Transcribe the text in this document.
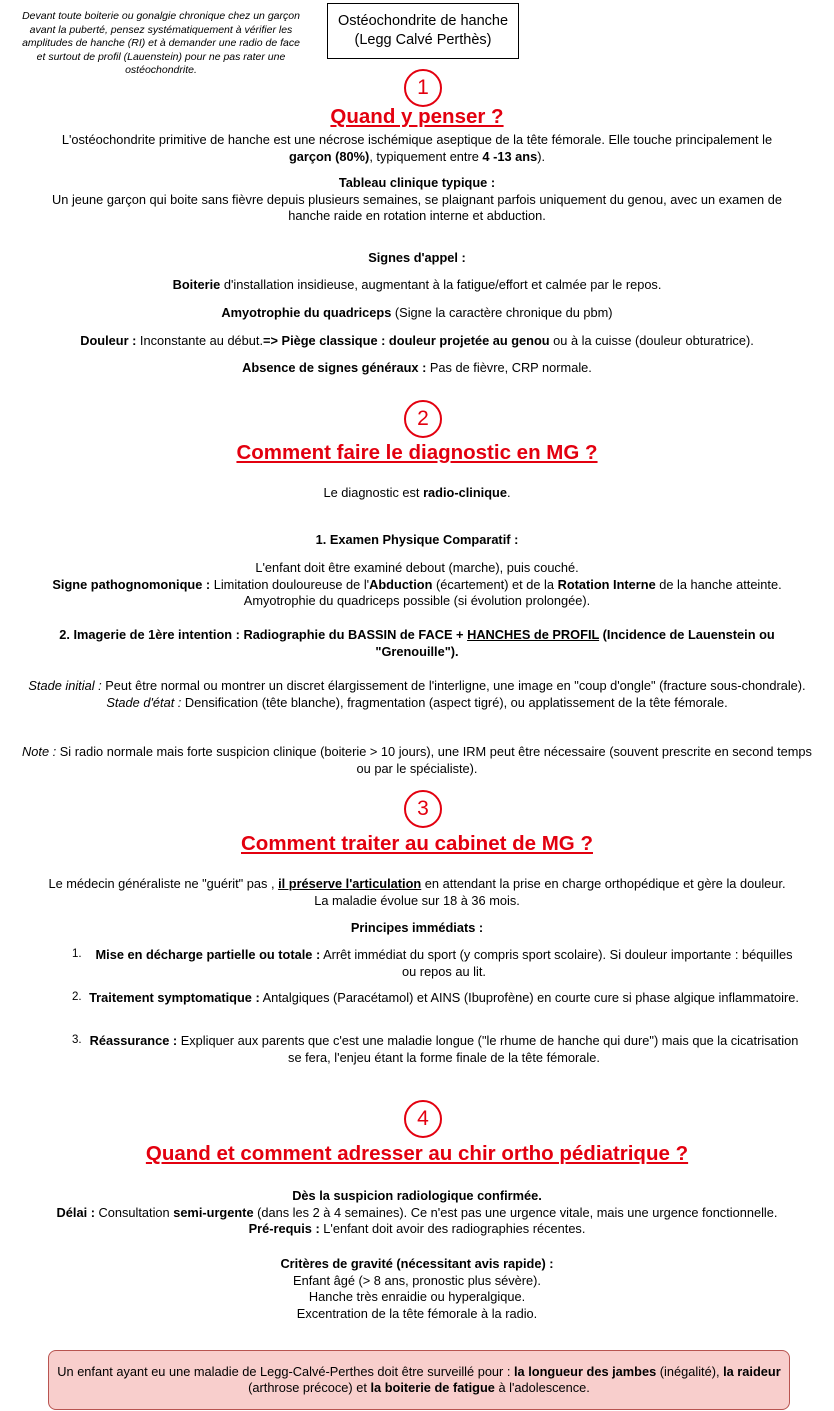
Devant toute boiterie ou gonalgie chronique chez un garçon avant la puberté, pensez systématiquement à vérifier les amplitudes de hanche (RI) et à demander une radio de face et surtout de profil (Lauenstein) pour ne pas rater une ostéochondrite.
Ostéochondrite de hanche
(Legg Calvé Perthès)
1
Quand y penser ?
L'ostéochondrite primitive de hanche est une nécrose ischémique aseptique de la tête fémorale. Elle touche principalement le
garçon (80%), typiquement entre 4 -13 ans).
Tableau clinique typique :
Un jeune garçon qui boite sans fièvre depuis plusieurs semaines, se plaignant parfois uniquement du genou, avec un examen de hanche raide en rotation interne et abduction.
Signes d'appel :
Boiterie d'installation insidieuse, augmentant à la fatigue/effort et calmée par le repos.
Amyotrophie du quadriceps (Signe la caractère chronique du pbm)
Douleur : Inconstante au début.=> Piège classique : douleur projetée au genou ou à la cuisse (douleur obturatrice).
Absence de signes généraux : Pas de fièvre, CRP normale.
2
Comment faire le diagnostic en MG ?
Le diagnostic est radio-clinique.
1. Examen Physique Comparatif :
L'enfant doit être examiné debout (marche), puis couché.
Signe pathognomonique : Limitation douloureuse de l'Abduction (écartement) et de la Rotation Interne de la hanche atteinte.
Amyotrophie du quadriceps possible (si évolution prolongée).
2. Imagerie de 1ère intention : Radiographie du BASSIN de FACE + HANCHES de PROFIL (Incidence de Lauenstein ou "Grenouille").
Stade initial : Peut être normal ou montrer un discret élargissement de l'interligne, une image en "coup d'ongle" (fracture sous-chondrale).
Stade d'état : Densification (tête blanche), fragmentation (aspect tigré), ou applatissement de la tête fémorale.
Note : Si radio normale mais forte suspicion clinique (boiterie > 10 jours), une IRM peut être nécessaire (souvent prescrite en second temps ou par le spécialiste).
3
Comment traiter au cabinet de MG ?
Le médecin généraliste ne "guérit" pas , il préserve l'articulation en attendant la prise en charge orthopédique et gère la douleur.
La maladie évolue sur 18 à 36 mois.
Principes immédiats :
1.	Mise en décharge partielle ou totale : Arrêt immédiat du sport (y compris sport scolaire). Si douleur importante : béquilles ou repos au lit.
2. Traitement symptomatique : Antalgiques (Paracétamol) et AINS (Ibuprofène) en courte cure si phase algique inflammatoire.
3. Réassurance : Expliquer aux parents que c'est une maladie longue ("le rhume de hanche qui dure") mais que la cicatrisation se fera, l'enjeu étant la forme finale de la tête fémorale.
4
Quand et comment adresser au chir ortho pédiatrique ?
Dès la suspicion radiologique confirmée.
Délai : Consultation semi-urgente (dans les 2 à 4 semaines). Ce n'est pas une urgence vitale, mais une urgence fonctionnelle.
Pré-requis : L'enfant doit avoir des radiographies récentes.
Critères de gravité (nécessitant avis rapide) :
Enfant âgé (> 8 ans, pronostic plus sévère).
Hanche très enraidie ou hyperalgique.
Excentration de la tête fémorale à la radio.
Un enfant ayant eu une maladie de Legg-Calvé-Perthes doit être surveillé pour : la longueur des jambes (inégalité), la raideur (arthrose précoce) et la boiterie de fatigue à l'adolescence.
